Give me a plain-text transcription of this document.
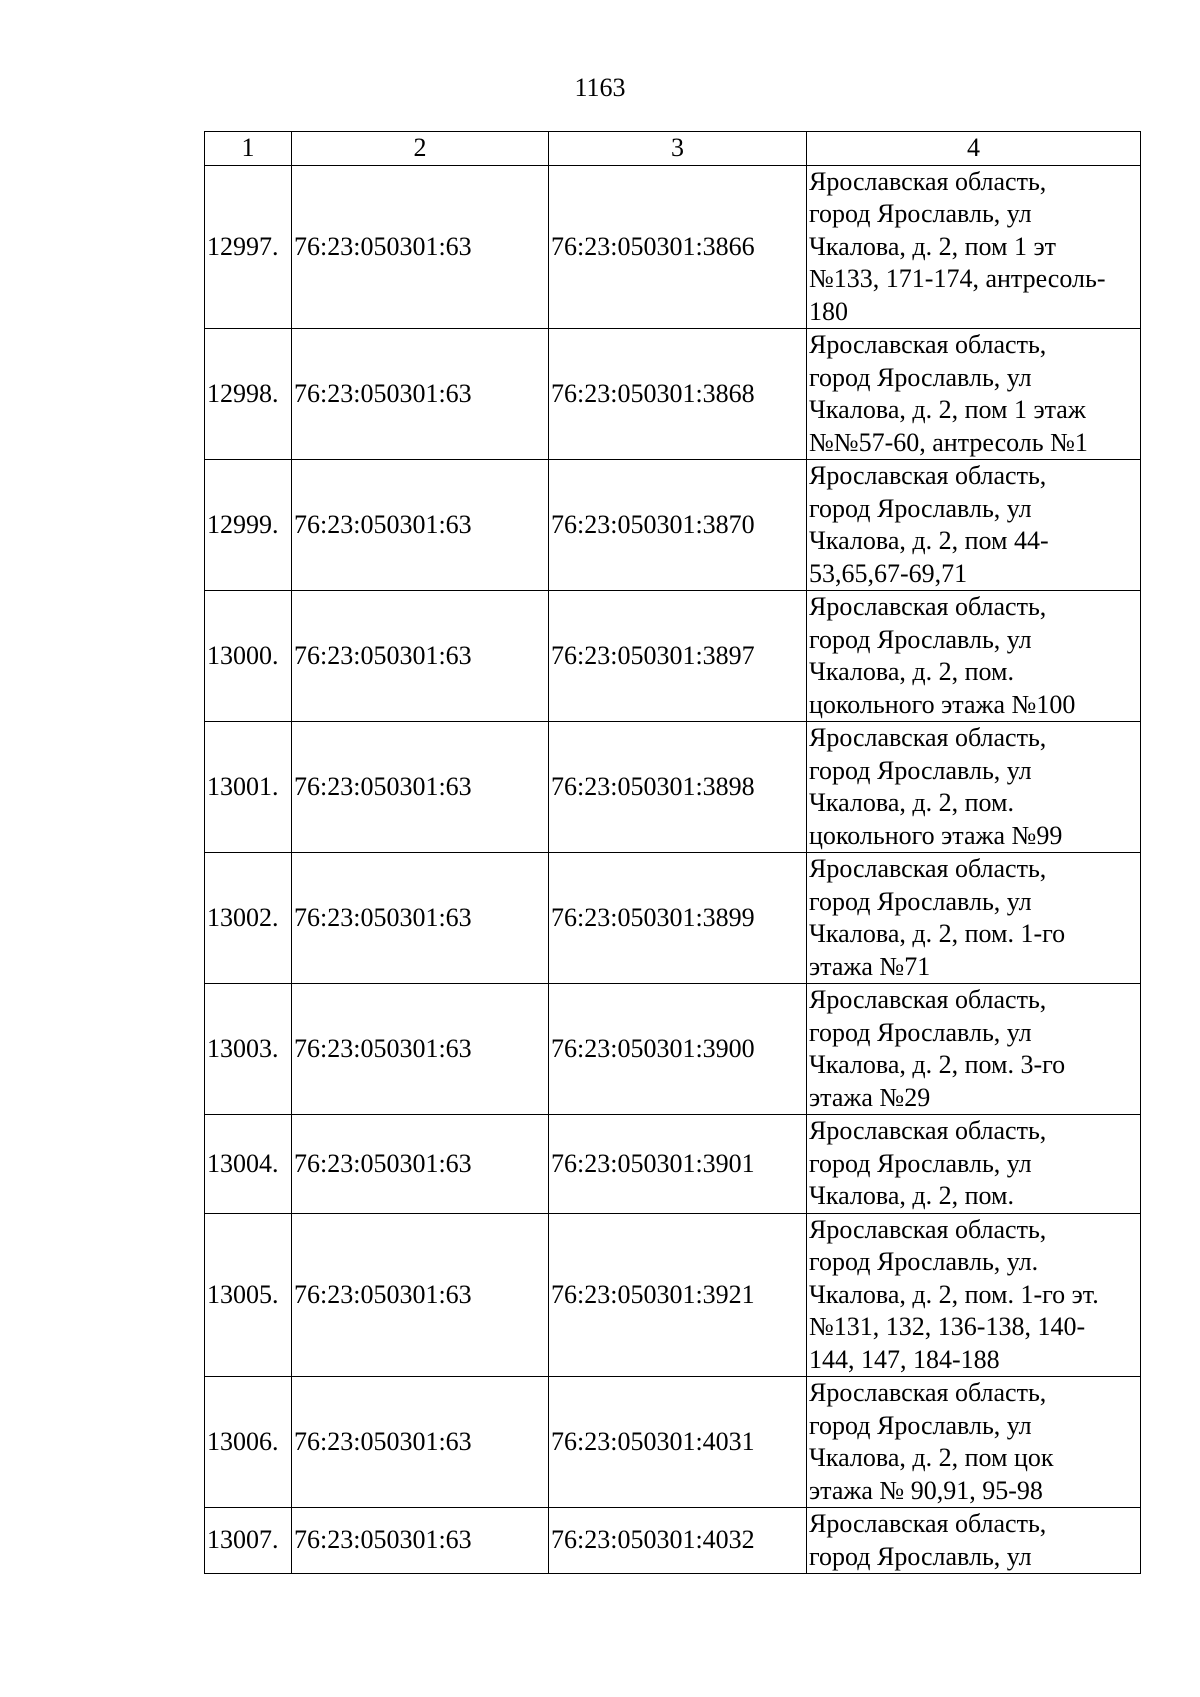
1163
1	2	3	4
12997.	76:23:050301:63	76:23:050301:3866	Ярославская область,
город Ярославль, ул
Чкалова, д. 2, пом 1 эт
№133, 171-174, антресоль-
180
12998.	76:23:050301:63	76:23:050301:3868	Ярославская область,
город Ярославль, ул
Чкалова, д. 2, пом 1 этаж
№№57-60, антресоль №1
12999.	76:23:050301:63	76:23:050301:3870	Ярославская область,
город Ярославль, ул
Чкалова, д. 2, пом 44-
53,65,67-69,71
13000.	76:23:050301:63	76:23:050301:3897	Ярославская область,
город Ярославль, ул
Чкалова, д. 2, пом.
цокольного этажа №100
13001.	76:23:050301:63	76:23:050301:3898	Ярославская область,
город Ярославль, ул
Чкалова, д. 2, пом.
цокольного этажа №99
13002.	76:23:050301:63	76:23:050301:3899	Ярославская область,
город Ярославль, ул
Чкалова, д. 2, пом. 1-го
этажа №71
13003.	76:23:050301:63	76:23:050301:3900	Ярославская область,
город Ярославль, ул
Чкалова, д. 2, пом. 3-го
этажа №29
13004.	76:23:050301:63	76:23:050301:3901	Ярославская область,
город Ярославль, ул
Чкалова, д. 2, пом.
13005.	76:23:050301:63	76:23:050301:3921	Ярославская область,
город Ярославль, ул.
Чкалова, д. 2, пом. 1-го эт.
№131, 132, 136-138, 140-
144, 147, 184-188
13006.	76:23:050301:63	76:23:050301:4031	Ярославская область,
город Ярославль, ул
Чкалова, д. 2, пом цок
этажа № 90,91, 95-98
13007.	76:23:050301:63	76:23:050301:4032	Ярославская область,
город Ярославль, ул
